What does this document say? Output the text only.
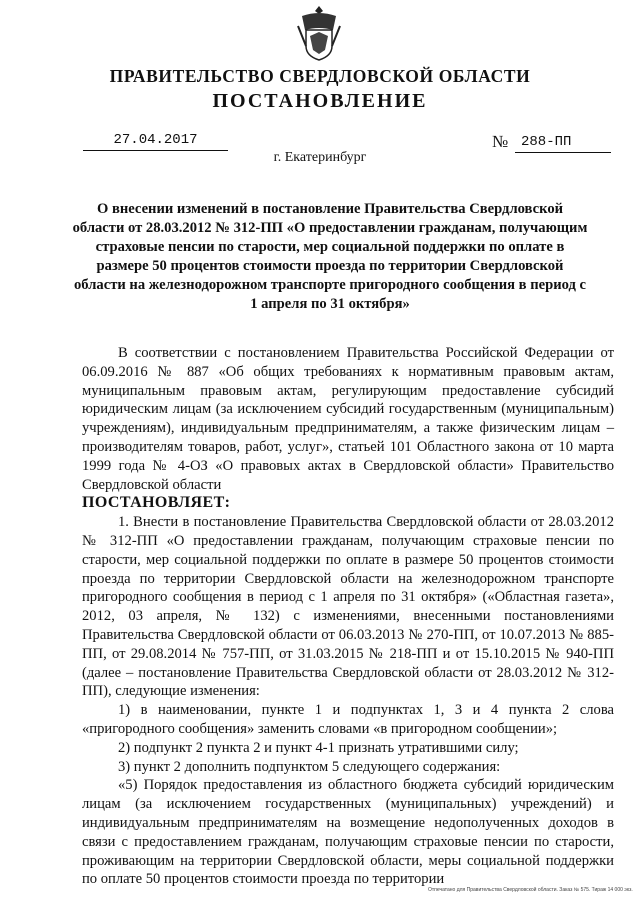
ПРАВИТЕЛЬСТВО СВЕРДЛОВСКОЙ ОБЛАСТИ
ПОСТАНОВЛЕНИЕ
27.04.2017	№ 288-ПП
г. Екатеринбург
О внесении изменений в постановление Правительства Свердловской области от 28.03.2012 № 312-ПП «О предоставлении гражданам, получающим страховые пенсии по старости, мер социальной поддержки по оплате в размере 50 процентов стоимости проезда по территории Свердловской области на железнодорожном транспорте пригородного сообщения в период с 1 апреля по 31 октября»

В соответствии с постановлением Правительства Российской Федерации от 06.09.2016 № 887 «Об общих требованиях к нормативным правовым актам, муниципальным правовым актам, регулирующим предоставление субсидий юридическим лицам (за исключением субсидий государственным (муниципальным) учреждениям), индивидуальным предпринимателям, а также физическим лицам – производителям товаров, работ, услуг», статьей 101 Областного закона от 10 марта 1999 года № 4-ОЗ «О правовых актах в Свердловской области» Правительство Свердловской области

ПОСТАНОВЛЯЕТ:

1. Внести в постановление Правительства Свердловской области от 28.03.2012 № 312-ПП «О предоставлении гражданам, получающим страховые пенсии по старости, мер социальной поддержки по оплате в размере 50 процентов стоимости проезда по территории Свердловской области на железнодорожном транспорте пригородного сообщения в период с 1 апреля по 31 октября» («Областная газета», 2012, 03 апреля, № 132) с изменениями, внесенными постановлениями Правительства Свердловской области от 06.03.2013 № 270-ПП, от 10.07.2013 № 885-ПП, от 29.08.2014 № 757-ПП, от 31.03.2015 № 218-ПП и от 15.10.2015 № 940-ПП (далее – постановление Правительства Свердловской области от 28.03.2012 № 312-ПП), следующие изменения:

1) в наименовании, пункте 1 и подпунктах 1, 3 и 4 пункта 2 слова «пригородного сообщения» заменить словами «в пригородном сообщении»;

2) подпункт 2 пункта 2 и пункт 4-1 признать утратившими силу;

3) пункт 2 дополнить подпунктом 5 следующего содержания:

«5) Порядок предоставления из областного бюджета субсидий юридическим лицам (за исключением государственных (муниципальных) учреждений) и индивидуальным предпринимателям на возмещение недополученных доходов в связи с предоставлением гражданам, получающим страховые пенсии по старости, проживающим на территории Свердловской области, меры социальной поддержки по оплате 50 процентов стоимости проезда по территории

Отпечатано для Правительства Свердловской области. Заказ № 575. Тираж 14 000 экз.
